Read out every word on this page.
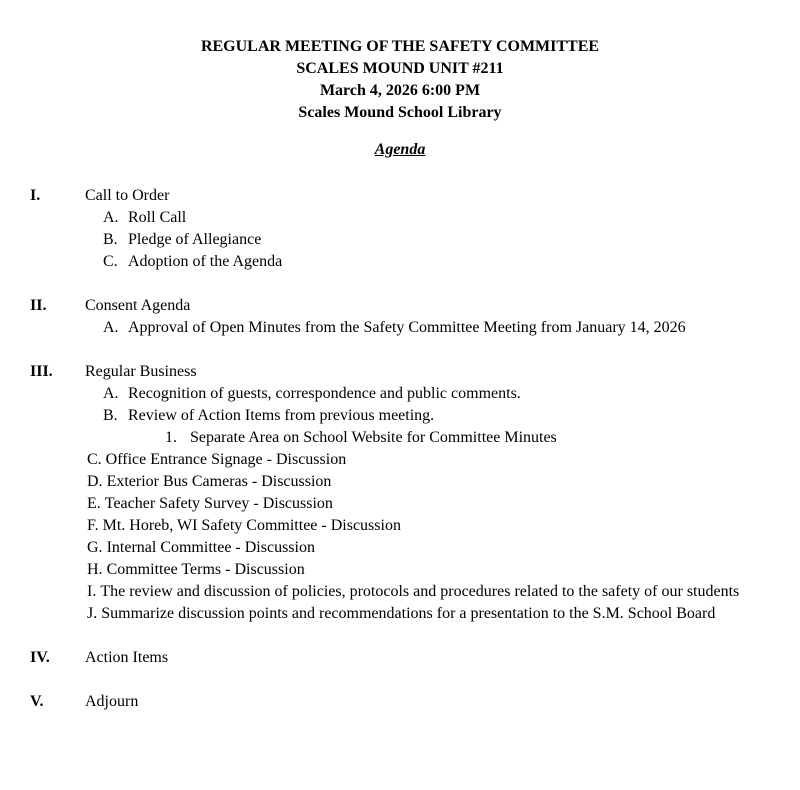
REGULAR MEETING OF THE SAFETY COMMITTEE
SCALES MOUND UNIT #211
March 4, 2026 6:00 PM
Scales Mound School Library
Agenda
I.	Call to Order
A. Roll Call
B. Pledge of Allegiance
C. Adoption of the Agenda
II. Consent Agenda
A. Approval of Open Minutes from the Safety Committee Meeting from January 14, 2026
III. Regular Business
A. Recognition of guests, correspondence and public comments.
B. Review of Action Items from previous meeting.
1. Separate Area on School Website for Committee Minutes
C. Office Entrance Signage - Discussion
D. Exterior Bus Cameras - Discussion
E. Teacher Safety Survey - Discussion
F. Mt. Horeb, WI Safety Committee - Discussion
G. Internal Committee - Discussion
H. Committee Terms - Discussion
I. The review and discussion of policies, protocols and procedures related to the safety of our students
J. Summarize discussion points and recommendations for a presentation to the S.M. School Board
IV. Action Items
V.	Adjourn
